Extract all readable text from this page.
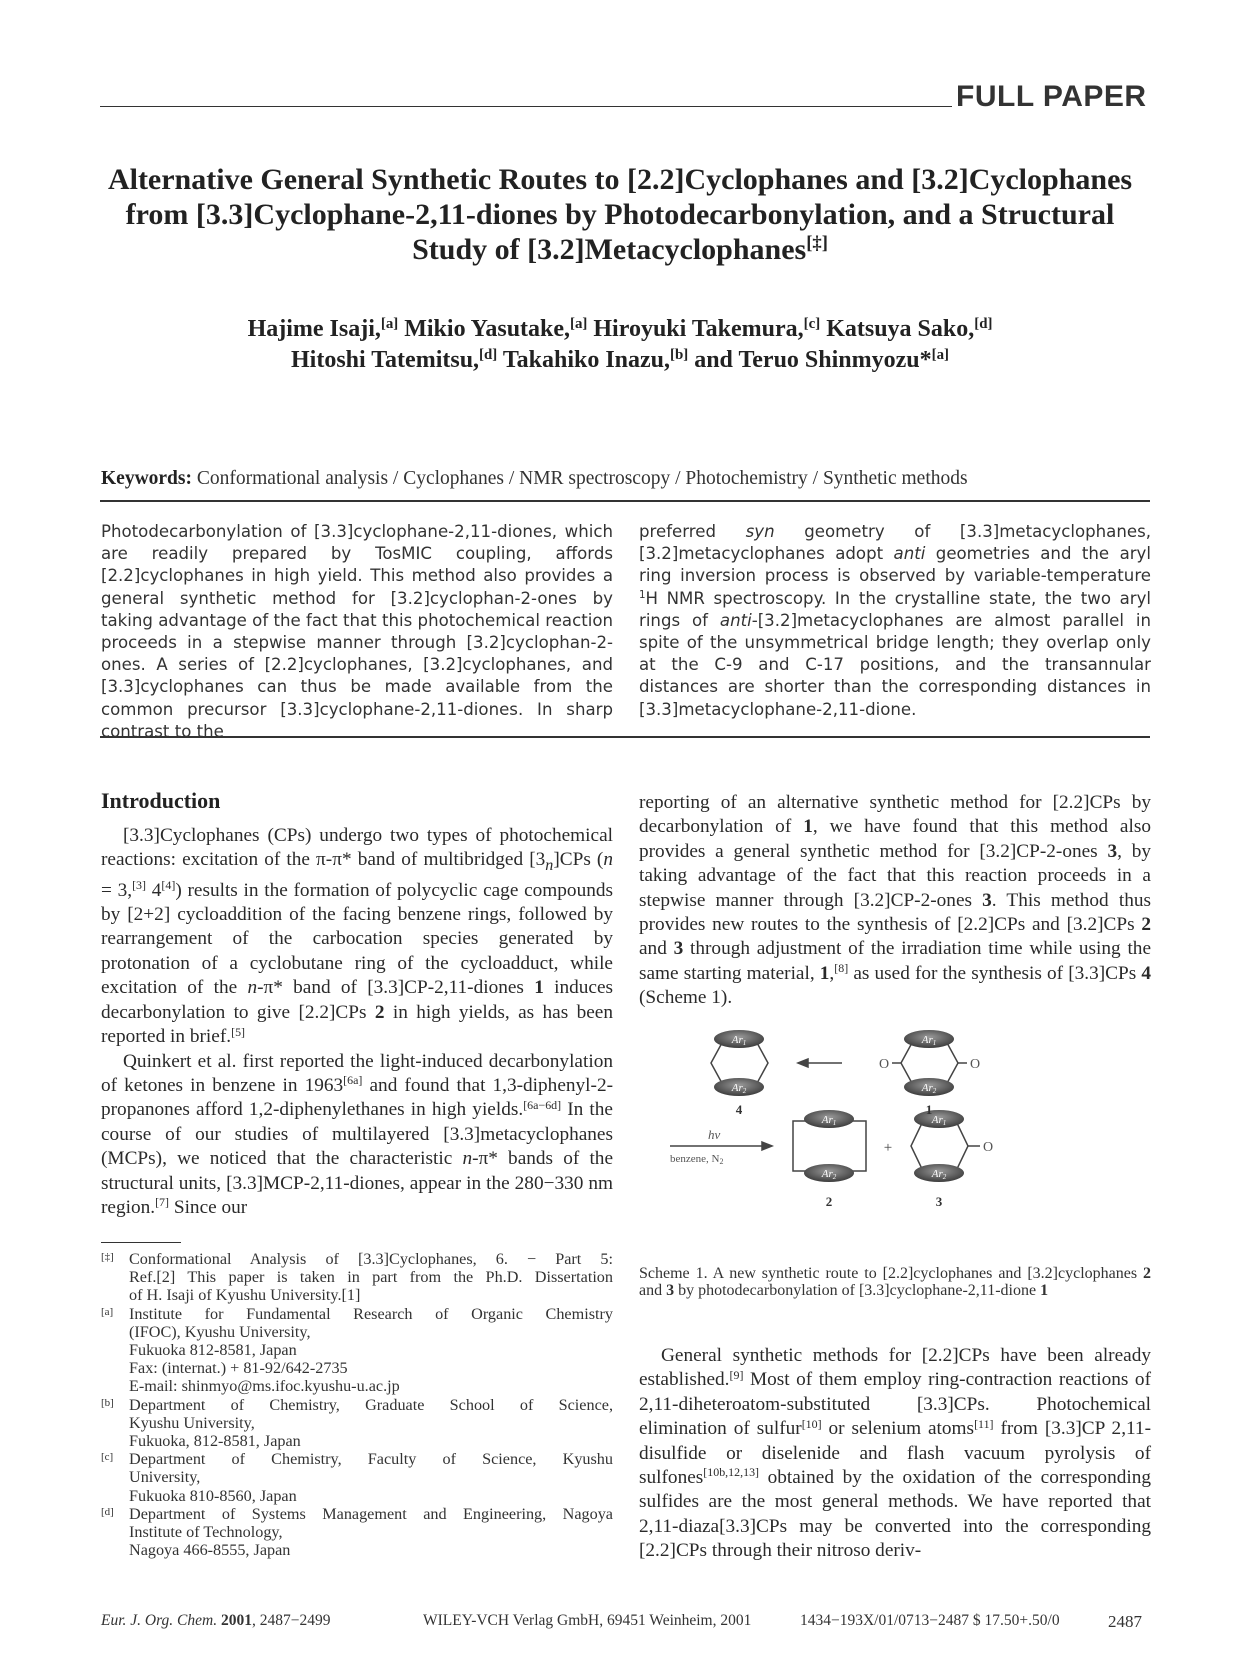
FULL PAPER
Alternative General Synthetic Routes to [2.2]Cyclophanes and [3.2]Cyclophanes
from [3.3]Cyclophane-2,11-diones by Photodecarbonylation, and a Structural
Study of [3.2]Metacyclophanes[‡]
Hajime Isaji,[a] Mikio Yasutake,[a] Hiroyuki Takemura,[c] Katsuya Sako,[d]
Hitoshi Tatemitsu,[d] Takahiko Inazu,[b] and Teruo Shinmyozu*[a]
Keywords: Conformational analysis / Cyclophanes / NMR spectroscopy / Photochemistry / Synthetic methods
Photodecarbonylation of [3.3]cyclophane-2,11-diones, which are readily prepared by TosMIC coupling, affords [2.2]cyclophanes in high yield. This method also provides a general synthetic method for [3.2]cyclophan-2-ones by taking advantage of the fact that this photochemical reaction proceeds in a stepwise manner through [3.2]cyclophan-2-ones. A series of [2.2]cyclophanes, [3.2]cyclophanes, and [3.3]cyclophanes can thus be made available from the common precursor [3.3]cyclophane-2,11-diones. In sharp contrast to the
preferred syn geometry of [3.3]metacyclophanes, [3.2]metacyclophanes adopt anti geometries and the aryl ring inversion process is observed by variable-temperature $^1$H NMR spectroscopy. In the crystalline state, the two aryl rings of anti-[3.2]metacyclophanes are almost parallel in spite of the unsymmetrical bridge length; they overlap only at the C-9 and C-17 positions, and the transannular distances are shorter than the corresponding distances in [3.3]metacyclophane-2,11-dione.
Introduction

[3.3]Cyclophanes (CPs) undergo two types of photochemical reactions: excitation of the π-π* band of multibridged $[3_n]CPs$ (n = 3,[3] 4[4]) results in the formation of polycyclic cage compounds by [2+2] cycloaddition of the facing benzene rings, followed by rearrangement of the carbocation species generated by protonation of a cyclobutane ring of the cycloadduct, while excitation of the n-π* band of [3.3]CP-2,11-diones 1 induces decarbonylation to give [2.2]CPs 2 in high yields, as has been reported in brief.[5]

Quinkert et al. first reported the light-induced decarbonylation of ketones in benzene in 1963[6a] and found that 1,3-diphenyl-2-propanones afford 1,2-diphenylethanes in high yields.[6a−6d] In the course of our studies of multilayered [3.3]metacyclophanes (MCPs), we noticed that the characteristic n-π* bands of the structural units, [3.3]MCP-2,11-diones, appear in the 280−330 nm region.[7] Since our

reporting of an alternative synthetic method for [2.2]CPs by decarbonylation of 1, we have found that this method also provides a general synthetic method for [3.2]CP-2-ones 3, by taking advantage of the fact that this reaction proceeds in a stepwise manner through [3.2]CP-2-ones 3. This method thus provides new routes to the synthesis of [2.2]CPs and [3.2]CPs 2 and 3 through adjustment of the irradiation time while using the same starting material, 1,[8] as used for the synthesis of [3.3]CPs 4 (Scheme 1).

Ar1
Ar2
Ar1
Ar2
Ar1
Ar2
Ar1
Ar2
O	O
O
4	1
2	3
hν
benzene, N2
+
Scheme 1. A new synthetic route to [2.2]cyclophanes and [3.2]cyclophanes 2 and 3 by photodecarbonylation of [3.3]cyclophane-2,11-dione 1

General synthetic methods for [2.2]CPs have been already established.[9] Most of them employ ring-contraction reactions of 2,11-diheteroatom-substituted [3.3]CPs. Photochemical elimination of sulfur[10] or selenium atoms[11] from [3.3]CP 2,11-disulfide or diselenide and flash vacuum pyrolysis of sulfones[10b,12,13] obtained by the oxidation of the corresponding sulfides are the most general methods. We have reported that 2,11-diaza[3.3]CPs may be converted into the corresponding [2.2]CPs through their nitroso deriv-

[‡] Conformational Analysis of [3.3]Cyclophanes, 6. − Part 5:
Ref.[2] This paper is taken in part from the Ph.D. Dissertation
of H. Isaji of Kyushu University.[1]
[a] Institute for Fundamental Research of Organic Chemistry
(IFOC), Kyushu University,
Fukuoka 812-8581, Japan
Fax: (internat.) + 81-92/642-2735
E-mail: shinmyo@ms.ifoc.kyushu-u.ac.jp
[b] Department of Chemistry, Graduate School of Science,
Kyushu University,
Fukuoka, 812-8581, Japan
[c] Department of Chemistry, Faculty of Science, Kyushu
University,
Fukuoka 810-8560, Japan
[d] Department of Systems Management and Engineering, Nagoya
Institute of Technology,
Nagoya 466-8555, Japan
Eur. J. Org. Chem. 2001, 2487−2499	WILEY-VCH Verlag GmbH, 69451 Weinheim, 2001	1434−193X/01/0713−2487 $ 17.50+.50/0	2487
